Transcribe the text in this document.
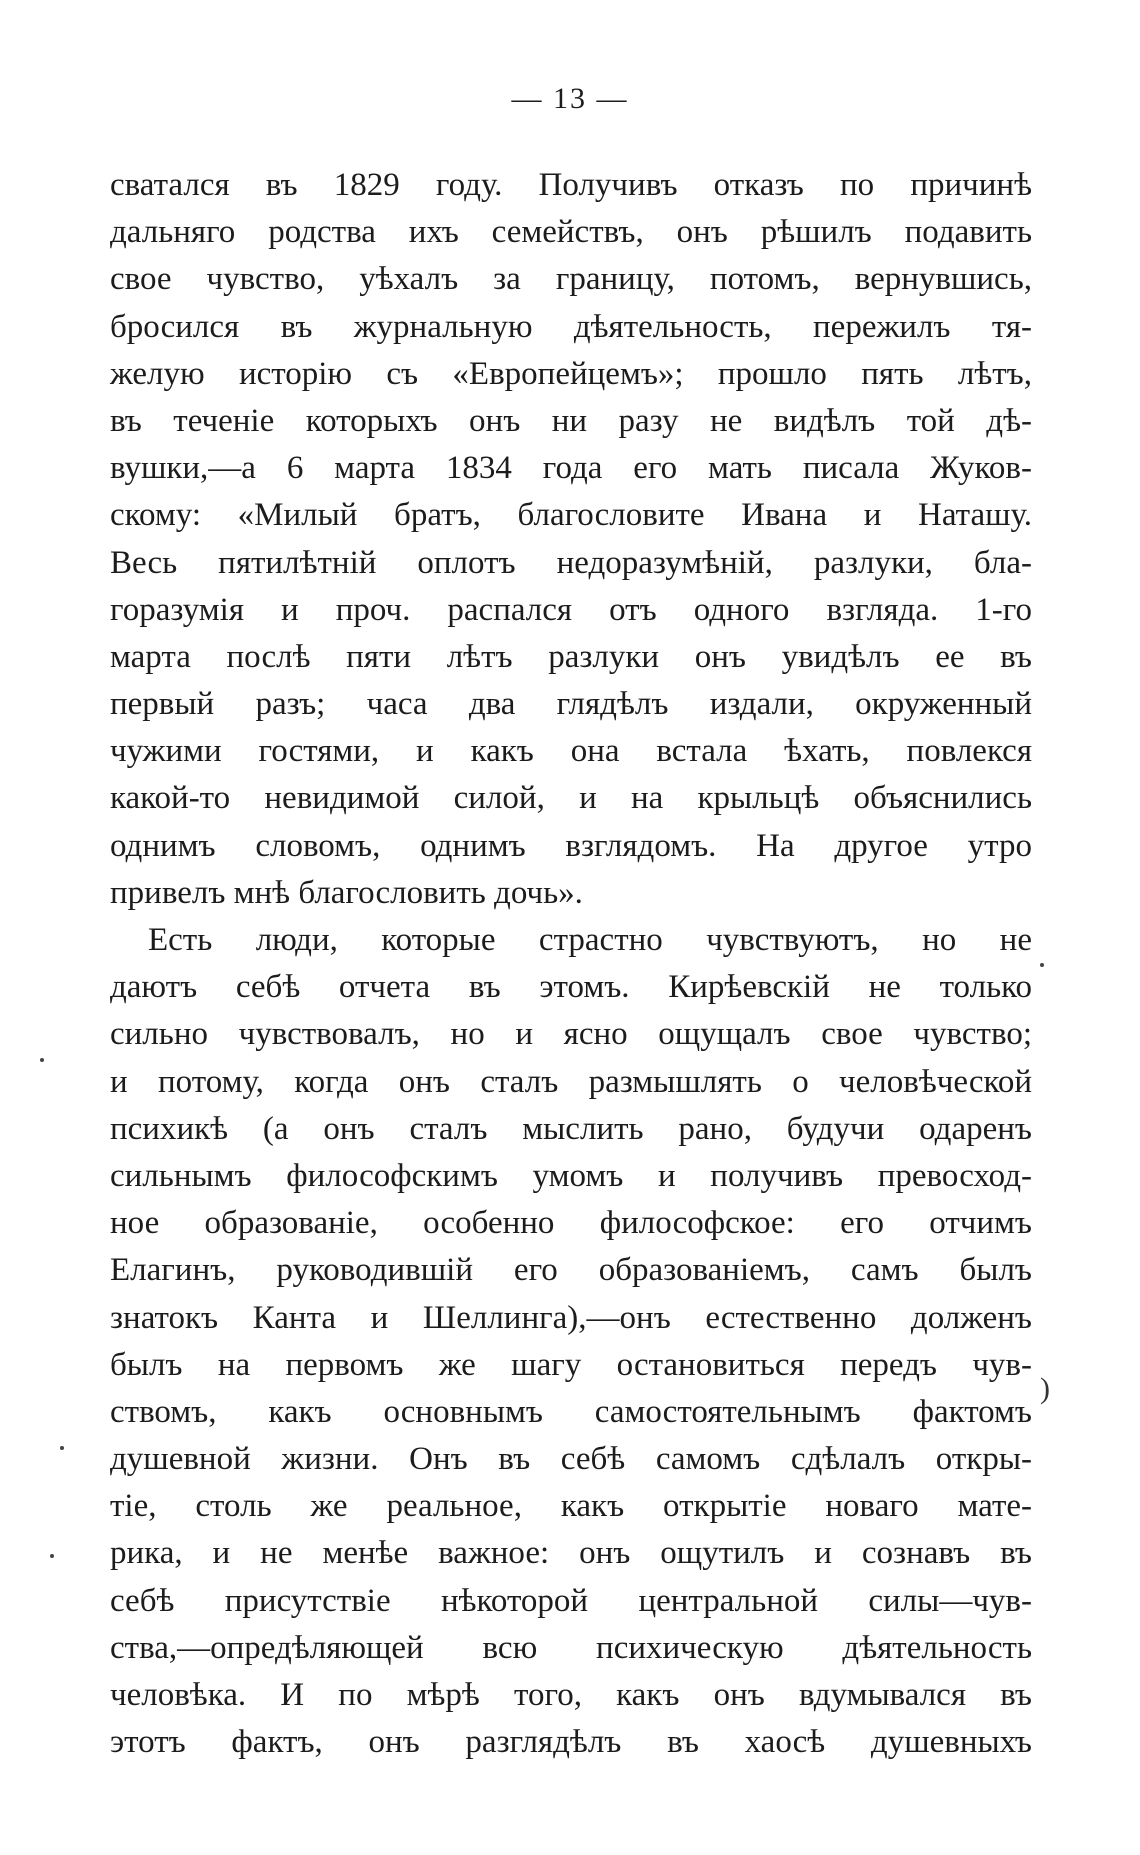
— 13 —
сватался въ 1829 году. Получивъ отказъ по причинѣ
дальняго родства ихъ семействъ, онъ рѣшилъ подавить
свое чувство, уѣхалъ за границу, потомъ, вернувшись,
бросился въ журнальную дѣятельность, пережилъ тя-
желую исторію съ «Европейцемъ»; прошло пять лѣтъ,
въ теченіе которыхъ онъ ни разу не видѣлъ той дѣ-
вушки,—а 6 марта 1834 года его мать писала Жуков-
скому: «Милый братъ, благословите Ивана и Наташу.
Весь пятилѣтній оплотъ недоразумѣній, разлуки, бла-
горазумія и проч. распался отъ одного взгляда. 1-го
марта послѣ пяти лѣтъ разлуки онъ увидѣлъ ее въ
первый разъ; часа два глядѣлъ издали, окруженный
чужими гостями, и какъ она встала ѣхать, повлекся
какой-то невидимой силой, и на крыльцѣ объяснились
однимъ словомъ, однимъ взглядомъ. На другое утро
привелъ мнѣ благословить дочь».
Есть люди, которые страстно чувствуютъ, но не
даютъ себѣ отчета въ этомъ. Кирѣевскій не только
сильно чувствовалъ, но и ясно ощущалъ свое чувство;
и потому, когда онъ сталъ размышлять о человѣческой
психикѣ (а онъ сталъ мыслить рано, будучи одаренъ
сильнымъ философскимъ умомъ и получивъ превосход-
ное образованіе, особенно философское: его отчимъ
Елагинъ, руководившій его образованіемъ, самъ былъ
знатокъ Канта и Шеллинга),—онъ естественно долженъ
былъ на первомъ же шагу остановиться передъ чув-
ствомъ, какъ основнымъ самостоятельнымъ фактомъ
душевной жизни. Онъ въ себѣ самомъ сдѣлалъ откры-
тіе, столь же реальное, какъ открытіе новаго мате-
рика, и не менѣе важное: онъ ощутилъ и сознавъ въ
себѣ присутствіе нѣкоторой центральной силы—чув-
ства,—опредѣляющей всю психическую дѣятельность
человѣка. И по мѣрѣ того, какъ онъ вдумывался въ
этотъ фактъ, онъ разглядѣлъ въ хаосѣ душевныхъ
)
